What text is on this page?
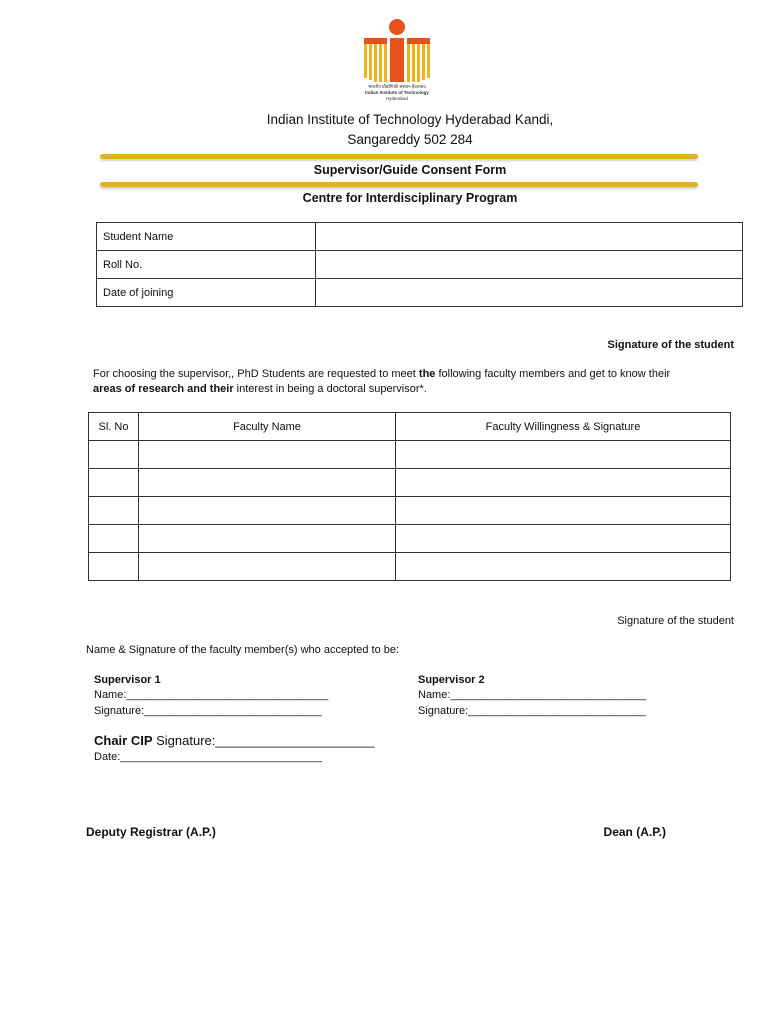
भारतीय प्रौद्योगिकी संस्थान हैदराबाद
Indian Institute of Technology
Hyderabad
Indian Institute of Technology Hyderabad Kandi,
Sangareddy 502 284
Supervisor/Guide Consent Form
Centre for Interdisciplinary Program
Student Name	
Roll No.	
Date of joining	
Signature of the student
For choosing the supervisor,, PhD Students are requested to meet the following faculty members and get to know their
areas of research and their interest in being a doctoral supervisor*.
Sl. No	Faculty Name	Faculty Willingness & Signature

Signature of the student
Name & Signature of the faculty member(s) who accepted to be:
Supervisor 1
Name:_________________________________
Signature:_____________________________
Supervisor 2
Name:________________________________
Signature:_____________________________
Chair CIP Signature:______________________
Date:_________________________________
Deputy Registrar (A.P.)	Dean (A.P.)
